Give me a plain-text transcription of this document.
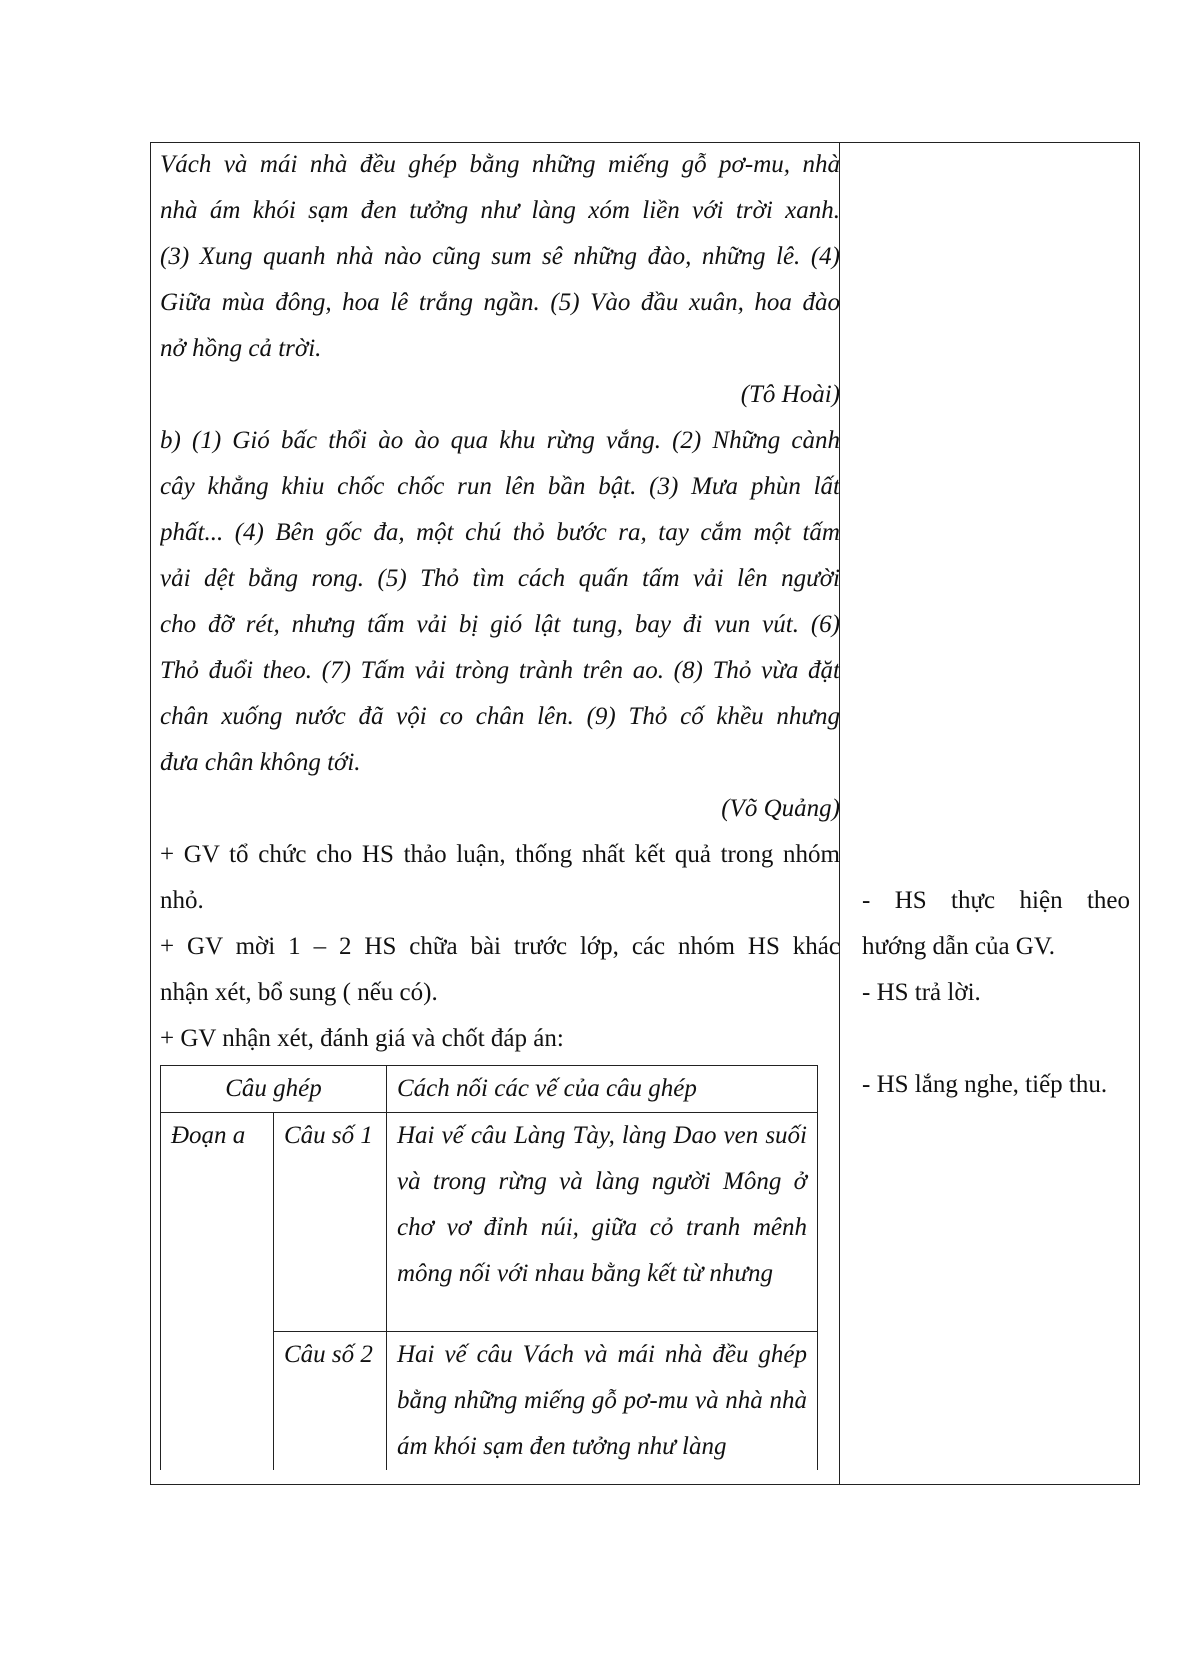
Vách và mái nhà đều ghép bằng những miếng gỗ pơ-mu, nhà
nhà ám khói sạm đen tưởng như làng xóm liền với trời xanh.
(3) Xung quanh nhà nào cũng sum sê những đào, những lê. (4)
Giữa mùa đông, hoa lê trắng ngần. (5) Vào đầu xuân, hoa đào
nở hồng cả trời.
(Tô Hoài)
b) (1) Gió bấc thổi ào ào qua khu rừng vắng. (2) Những cành
cây khẳng khiu chốc chốc run lên bần bật. (3) Mưa phùn lất
phất... (4) Bên gốc đa, một chú thỏ bước ra, tay cắm một tấm
vải dệt bằng rong. (5) Thỏ tìm cách quấn tấm vải lên người
cho đỡ rét, nhưng tấm vải bị gió lật tung, bay đi vun vút. (6)
Thỏ đuổi theo. (7) Tấm vải tròng trành trên ao. (8) Thỏ vừa đặt
chân xuống nước đã vội co chân lên. (9) Thỏ cố khều nhưng
đưa chân không tới.
(Võ Quảng)
+ GV tổ chức cho HS thảo luận, thống nhất kết quả trong nhóm
nhỏ.
+ GV mời 1 – 2 HS chữa bài trước lớp, các nhóm HS khác
nhận xét, bổ sung ( nếu có).
+ GV nhận xét, đánh giá và chốt đáp án:
- HS thực hiện theo
hướng dẫn của GV.
- HS trả lời.
- HS lắng nghe, tiếp thu.
Câu ghép		Cách nối các vế của câu ghép
Đoạn a	Câu số 1	Hai vế câu Làng Tày, làng Dao ven suối và trong rừng và làng người Mông ở chơ vơ đỉnh núi, giữa cỏ tranh mênh mông nối với nhau bằng kết từ nhưng
	Câu số 2	Hai vế câu Vách và mái nhà đều ghép bằng những miếng gỗ pơ-mu và nhà nhà ám khói sạm đen tưởng như làng
